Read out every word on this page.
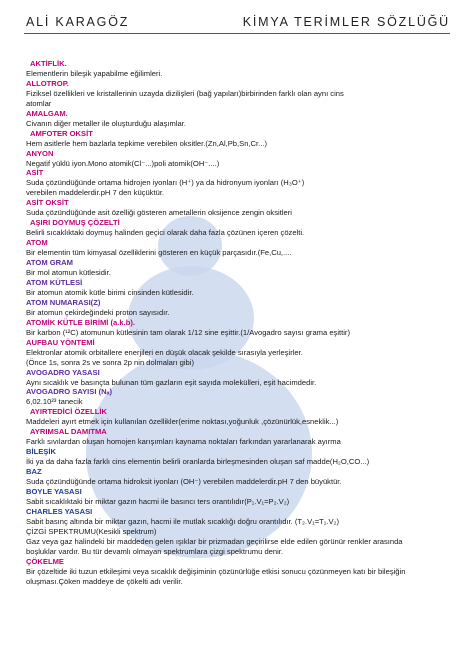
ALİ KARAGÖZ	KİMYA TERİMLER SÖZLÜĞÜ
AKTİFLİK.
Elementlerin bileşik yapabilme eğilimleri.
ALLOTROP.
Fiziksel özellikleri ve kristallerinin uzayda dizilişleri (bağ yapıları)birbirinden farklı olan aynı cins
atomlar
AMALGAM.
Civanın diğer metaller ile oluşturduğu alaşımlar.
AMFOTER OKSİT
Hem asitlerle hem bazlarla tepkime verebilen oksitler.(Zn,Al,Pb,Sn,Cr...)
ANYON
Negatif yüklü iyon.Mono atomik(Cl⁻...)poli atomik(OH⁻....)
ASİT
Suda çözündüğünde ortama hidrojen iyonları (H⁺) ya da hidronyum iyonları (H₃O⁺)
verebilen maddelerdir.pH 7 den küçüktür.
ASİT OKSİT
Suda çözündüğünde asit özelliği gösteren ametallerin oksijence zengin oksitleri
AŞIRI DOYMUŞ ÇÖZELTİ
Belirli sıcaklıktaki doymuş halinden geçici olarak daha fazla çözünen içeren çözelti.
ATOM
Bir elementin tüm kimyasal özelliklerini gösteren en küçük parçasıdır.(Fe,Cu,....
ATOM GRAM
Bir mol atomun kütlesidir.
ATOM KÜTLESİ
Bir atomun atomik kütle birimi cinsinden kütlesidir.
ATOM NUMARASI(Z)
Bir atomun çekirdeğindeki proton sayısıdır.
ATOMİK KÜTLE BİRİMİ (a.k.b).
Bir karbon (¹²C) atomunun kütlesinin tam olarak 1/12 sine eşittir.(1/Avogadro sayısı grama eşittir)
AUFBAU YÖNTEMİ
Elektronlar atomik orbitallere enerjileri en düşük olacak şekilde sırasıyla yerleşirler.
(Önce 1s, sonra 2s ve sonra 2p nin dolmaları gibi)
AVOGADRO YASASI
Aynı sıcaklık ve basınçta bulunan tüm gazların eşit sayıda molekülleri, eşit hacimdedir.
AVOGADRO SAYISI (Nₐ)
6,02.10²³ tanecik
AYIRTEDİCİ ÖZELLİK
Maddeleri ayırt etmek için kullanılan özellikler(erime noktası,yoğunluk ,çözünürlük,esneklik...)
AYRIMSAL DAMITMA
Farklı sıvılardan oluşan homojen karışımları kaynama noktaları farkından yararlanarak ayırma
BİLEŞİK
İki ya da daha fazla farklı cins elementin belirli oranlarda birleşmesinden oluşan saf madde(H₂O,CO...)
BAZ
Suda çözündüğünde ortama hidroksit iyonları (OH⁻) verebilen maddelerdir.pH 7 den büyüktür.
BOYLE YASASI
Sabit sıcaklıktaki bir miktar gazın hacmi ile basıncı ters orantılıdır(P₁.V₁=P₂.V₂)
CHARLES YASASI
Sabit basınç altında bir miktar gazın, hacmi ile mutlak sıcaklığı doğru orantılıdır. (T₂.V₁=T₁.V₂)
ÇİZGİ SPEKTRUMU(Kesikli spektrum)
Gaz veya gaz halindeki bir maddeden gelen ışıklar bir prizmadan geçirilirse elde edilen görünür renkler arasında
boşluklar vardır. Bu tür devamlı olmayan spektrumlara çizgi spektrumu denir.
ÇÖKELME
Bir çözeltide iki tuzun etkileşimi veya sıcaklık değişiminin çözünürlüğe etkisi sonucu çözünmeyen katı bir bileşiğin
oluşması.Çöken maddeye de çökelti adı verilir.
